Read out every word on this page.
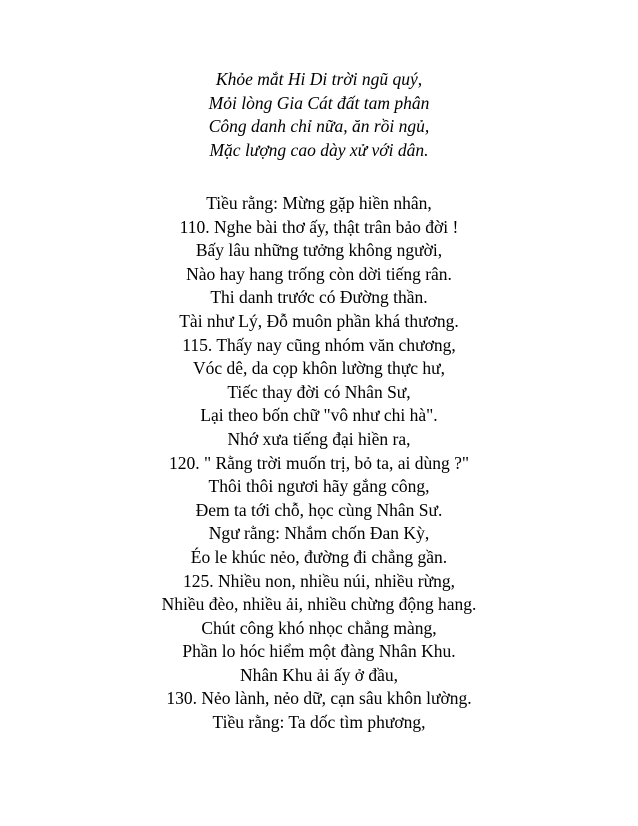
Khỏe mắt Hi Di trời ngũ quý,
Mỏi lòng Gia Cát đất tam phân
Công danh chỉ nữa, ăn rồi ngủ,
Mặc lượng cao dày xử với dân.
Tiều rằng: Mừng gặp hiền nhân,
110. Nghe bài thơ ấy, thật trân bảo đời !
Bấy lâu những tưởng không người,
Nào hay hang trống còn dời tiếng rân.
Thi danh trước có Đường thần.
Tài như Lý, Đỗ muôn phần khá thương.
115. Thấy nay cũng nhóm văn chương,
Vóc dê, da cọp khôn lường thực hư,
Tiếc thay đời có Nhân Sư,
Lại theo bốn chữ "vô như chi hà".
Nhớ xưa tiếng đại hiền ra,
120. " Rằng trời muốn trị, bỏ ta, ai dùng ?"
Thôi thôi ngươi hãy gắng công,
Đem ta tới chỗ, học cùng Nhân Sư.
Ngư rằng: Nhắm chốn Đan Kỳ,
Éo le khúc nẻo, đường đi chẳng gần.
125. Nhiều non, nhiều núi, nhiều rừng,
Nhiều đèo, nhiều ải, nhiều chừng động hang.
Chút công khó nhọc chẳng màng,
Phần lo hóc hiểm một đàng Nhân Khu.
Nhân Khu ải ấy ở đầu,
130. Nẻo lành, nẻo dữ, cạn sâu khôn lường.
Tiều rằng: Ta dốc tìm phương,
